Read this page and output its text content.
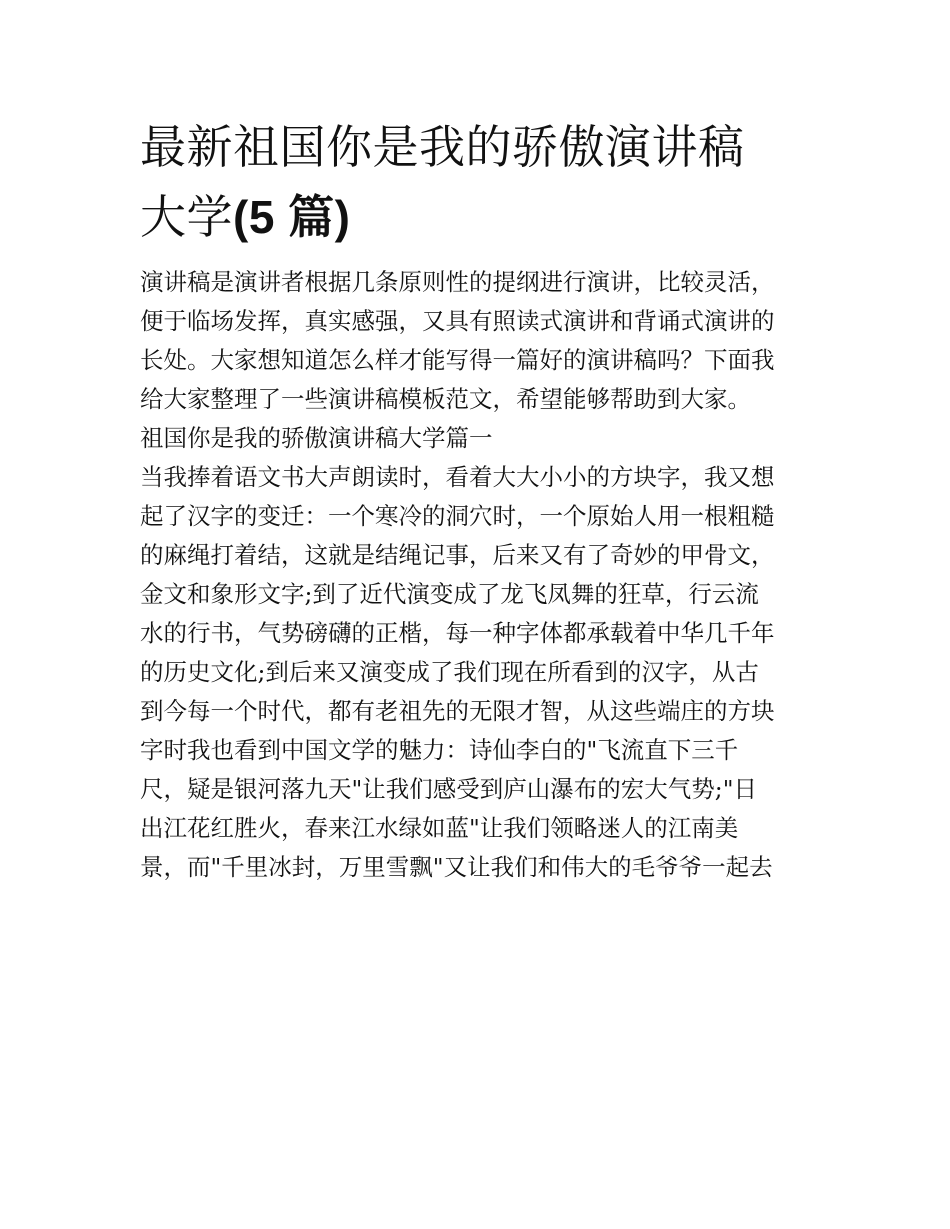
最新祖国你是我的骄傲演讲稿
大学(5 篇)

演讲稿是演讲者根据几条原则性的提纲进行演讲，比较灵活，
便于临场发挥，真实感强，又具有照读式演讲和背诵式演讲的
长处。大家想知道怎么样才能写得一篇好的演讲稿吗？下面我
给大家整理了一些演讲稿模板范文，希望能够帮助到大家。

祖国你是我的骄傲演讲稿大学篇一

当我捧着语文书大声朗读时，看着大大小小的方块字，我又想
起了汉字的变迁：一个寒冷的洞穴时，一个原始人用一根粗糙
的麻绳打着结，这就是结绳记事，后来又有了奇妙的甲骨文，
金文和象形文字;到了近代演变成了龙飞凤舞的狂草，行云流
水的行书，气势磅礴的正楷，每一种字体都承载着中华几千年
的历史文化;到后来又演变成了我们现在所看到的汉字，从古
到今每一个时代，都有老祖先的无限才智，从这些端庄的方块
字时我也看到中国文学的魅力：诗仙李白的"飞流直下三千
尺，疑是银河落九天"让我们感受到庐山瀑布的宏大气势;"日
出江花红胜火，春来江水绿如蓝"让我们领略迷人的江南美
景，而"千里冰封，万里雪飘"又让我们和伟大的毛爷爷一起去
